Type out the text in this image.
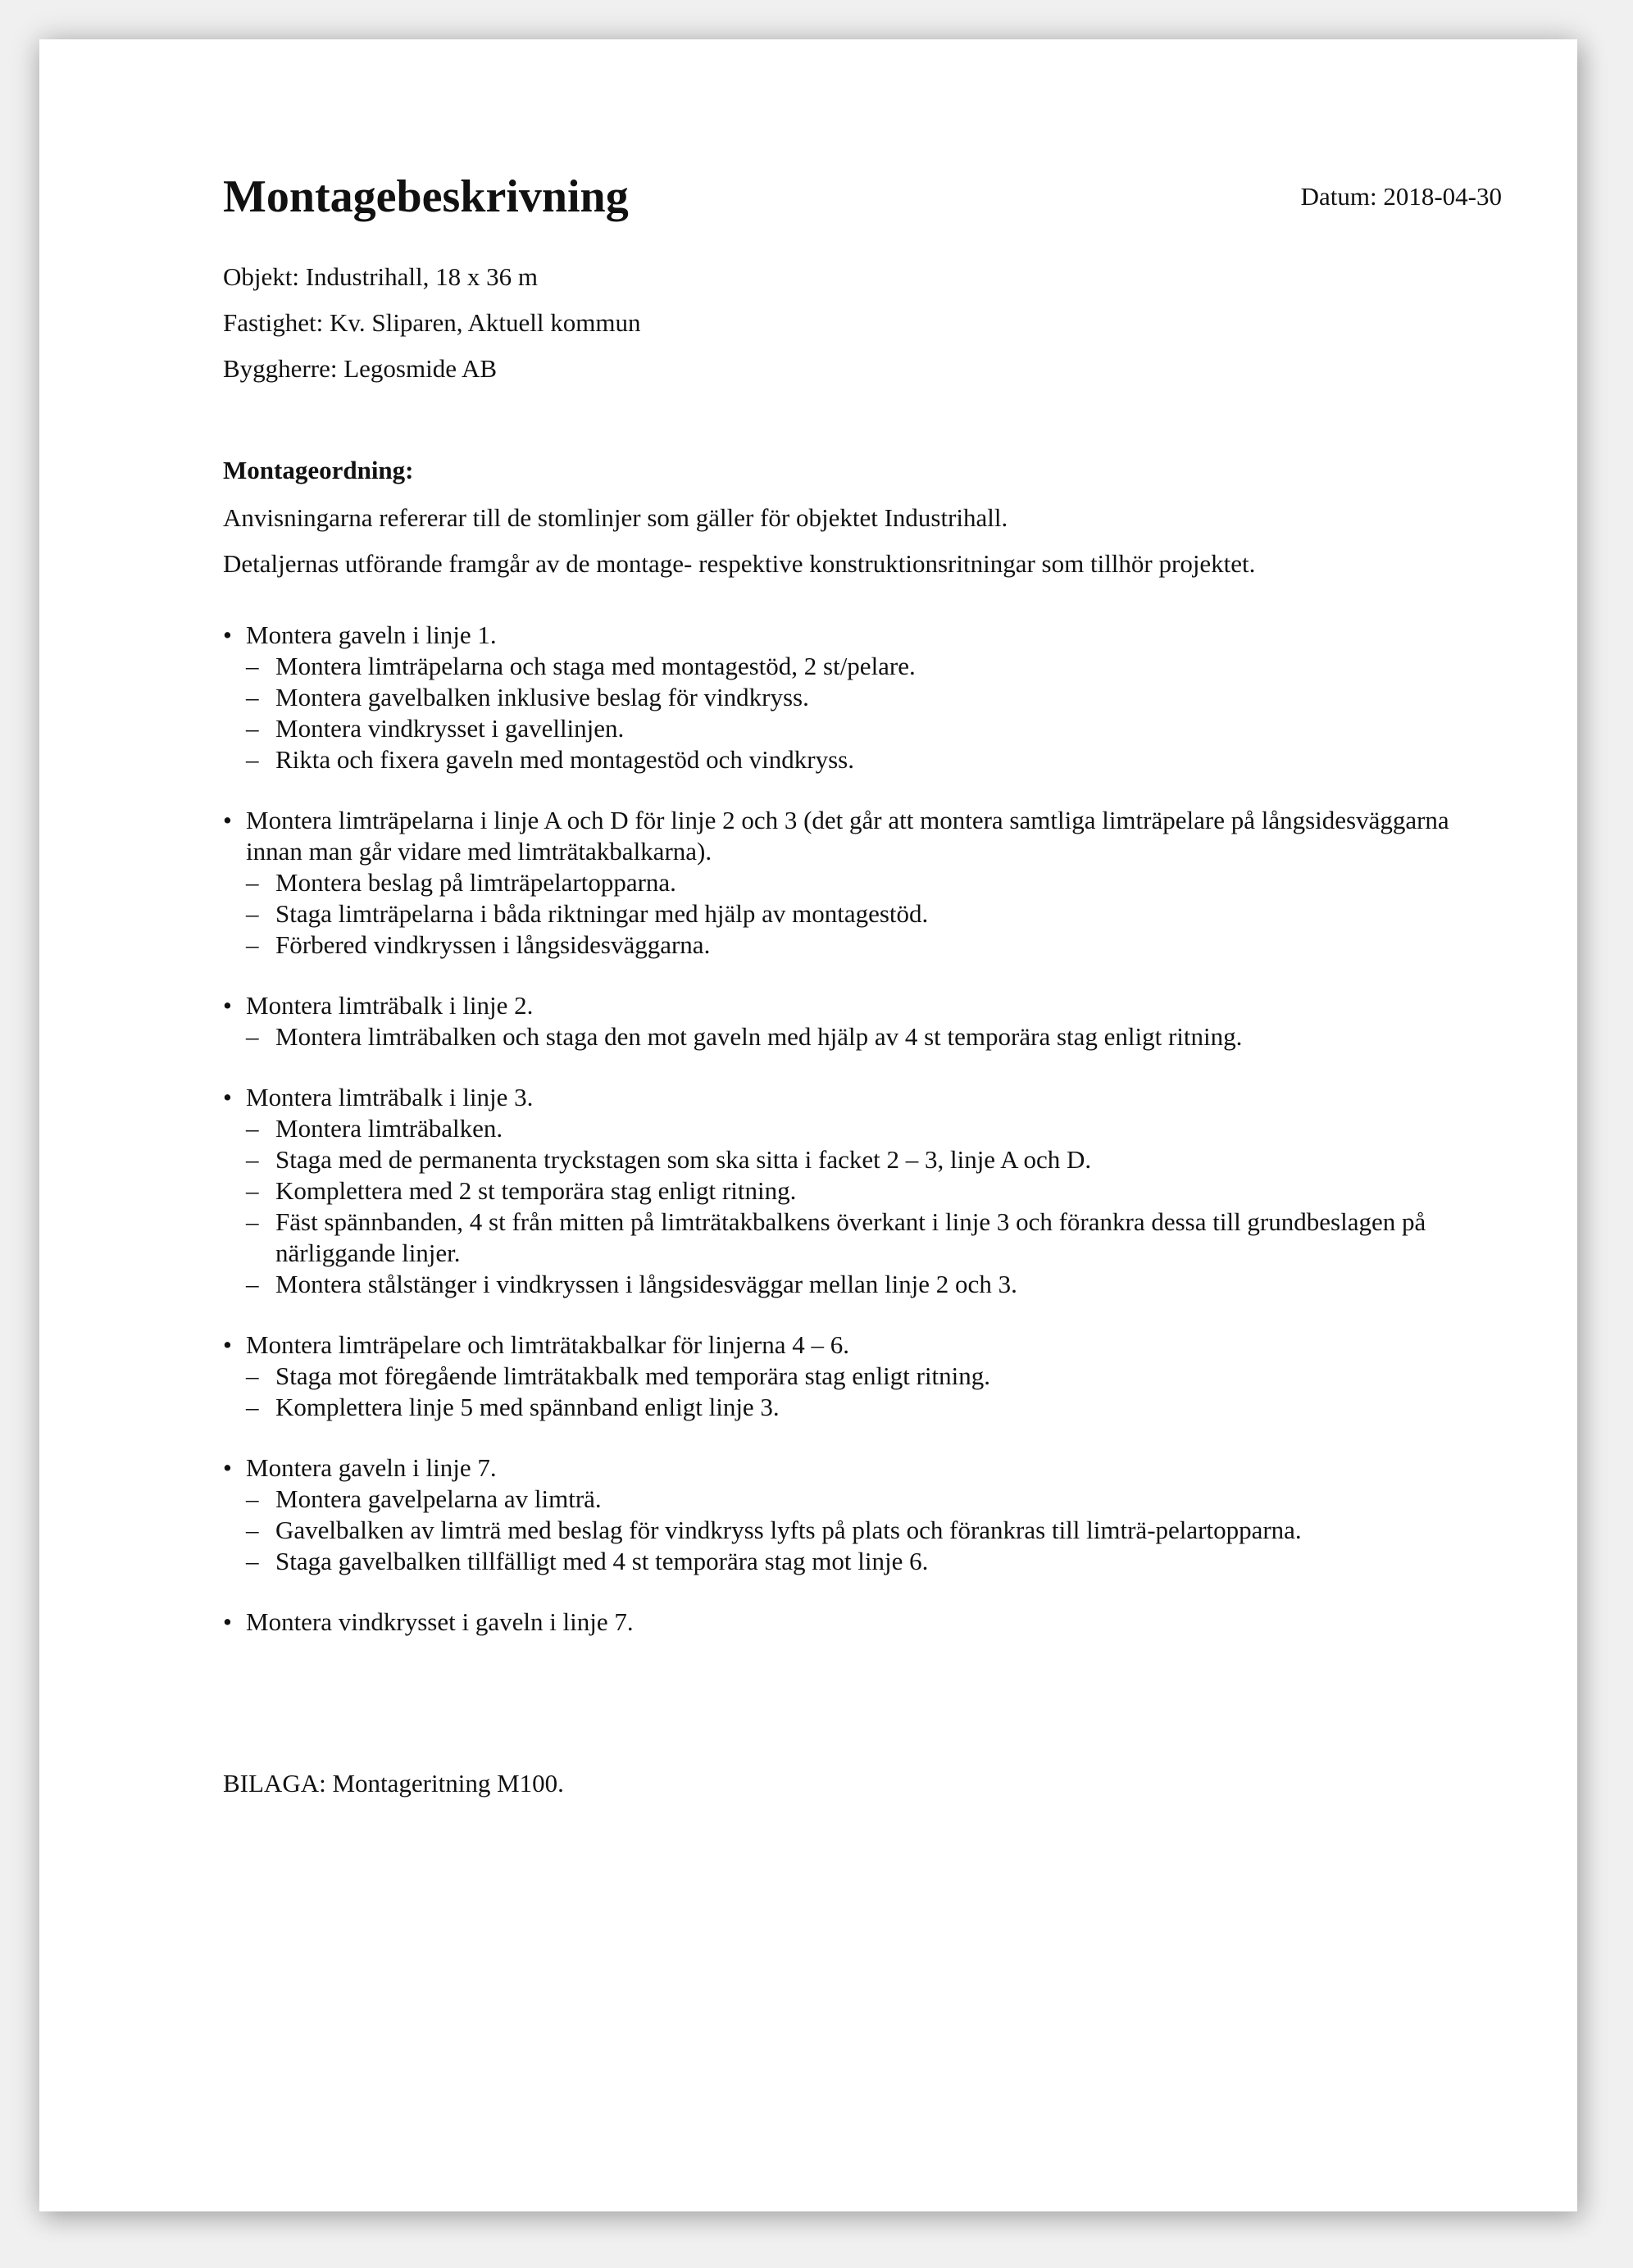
Montagebeskrivning	Datum: 2018-04-30
Objekt: Industrihall, 18 x 36 m
Fastighet: Kv. Sliparen, Aktuell kommun
Byggherre: Legosmide AB
Montageordning:
Anvisningarna refererar till de stomlinjer som gäller för objektet Industrihall.
Detaljernas utförande framgår av de montage- respektive konstruktionsritningar som tillhör projektet.
• Montera gaveln i linje 1.
– Montera limträpelarna och staga med montagestöd, 2 st/pelare.
– Montera gavelbalken inklusive beslag för vindkryss.
– Montera vindkrysset i gavellinjen.
– Rikta och fixera gaveln med montagestöd och vindkryss.
• Montera limträpelarna i linje A och D för linje 2 och 3 (det går att montera samtliga limträpelare på långsidesväggarna innan man går vidare med limträtakbalkarna).
– Montera beslag på limträpelartopparna.
– Staga limträpelarna i båda riktningar med hjälp av montagestöd.
– Förbered vindkryssen i långsidesväggarna.
• Montera limträbalk i linje 2.
– Montera limträbalken och staga den mot gaveln med hjälp av 4 st temporära stag enligt ritning.
• Montera limträbalk i linje 3.
– Montera limträbalken.
– Staga med de permanenta tryckstagen som ska sitta i facket 2 – 3, linje A och D.
– Komplettera med 2 st temporära stag enligt ritning.
– Fäst spännbanden, 4 st från mitten på limträtakbalkens överkant i linje 3 och förankra dessa till grundbeslagen på närliggande linjer.
– Montera stålstänger i vindkryssen i långsidesväggar mellan linje 2 och 3.
• Montera limträpelare och limträtakbalkar för linjerna 4 – 6.
– Staga mot föregående limträtakbalk med temporära stag enligt ritning.
– Komplettera linje 5 med spännband enligt linje 3.
• Montera gaveln i linje 7.
– Montera gavelpelarna av limträ.
– Gavelbalken av limträ med beslag för vindkryss lyfts på plats och förankras till limträ-pelartopparna.
– Staga gavelbalken tillfälligt med 4 st temporära stag mot linje 6.
• Montera vindkrysset i gaveln i linje 7.
BILAGA: Montageritning M100.
